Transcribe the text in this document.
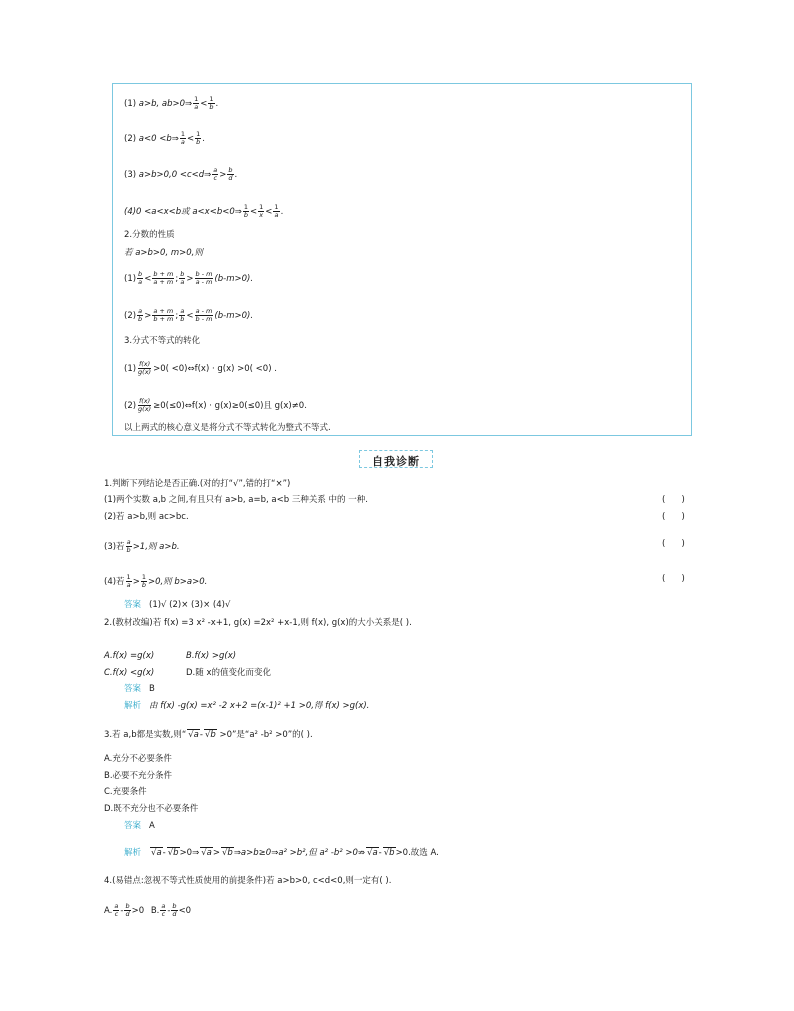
(1) a>b, ab>0⇒ $\frac{1}{a} < \frac{1}{b}$ .
(2) a<0 <b⇒ $\frac{1}{a} < \frac{1}{b}$ .
(3) a>b>0,0 <c<d⇒ $\frac{a}{c} > \frac{b}{d}$ .
(4)0 <a<x<b或 a<x<b<0⇒ $\frac{1}{b} < \frac{1}{x} < \frac{1}{a}$ .
2.分数的性质
若 a>b>0, m>0,则
$(1) \frac{b}{a} < \frac{b + m}{a + m}$ ; $\frac{b}{a} > \frac{b - m}{a - m} (b-m>0)$.
$(2) \frac{a}{b} > \frac{a + m}{b + m}$ ; $\frac{a}{b} < \frac{a - m}{b - m} (b-m>0)$.
3.分式不等式的转化
$(1) \frac{f(x)}{g(x)} >0$( <0)⇔f(x) · g(x) >0( <0) .
$(2) \frac{f(x)}{g(x)}$ ≥0(≤0)⇔f(x) · g(x)≥0(≤0)且 g(x)≠0.
以上两式的核心意义是将分式不等式转化为整式不等式.
自我诊断
1.判断下列结论是否正确.(对的打“√”,错的打“×”)
(1)两个实数 a,b 之间,有且只有 a>b, a=b, a<b 三种关系 中的 一种.	(      )
(2)若 a>b,则 ac>bc.	(      )
(3)若 $\frac{a}{b} >1$,则 a>b.	(      )
(4)若 $\frac{1}{a} > \frac{1}{b} >0$,则 b>a>0.	(      )
答案 (1)√ (2)× (3)× (4)√
2.(教材改编)若 f(x) =3 x² -x+1, g(x) =2x² +x-1,则 f(x), g(x)的大小关系是( ).
A.f(x) =g(x)	B.f(x) >g(x)
C.f(x) <g(x)	D.随 x的值变化而变化
答案 B
解析 由 f(x) -g(x) =x² -2 x+2 =(x-1)² +1 >0,得 f(x) >g(x).
3.若 a,b都是实数,则“ √ a- √ b >0”是“a² -b² >0”的( ).
A.充分不必要条件
B.必要不充分条件
C.充要条件
D.既不充分也不必要条件
答案 A
解析 √ a- √ b>0⇒ √ a> √ b⇒a>b≥0⇒a² >b²,但 a² -b² >0⇏ √ a- √ b>0.故选 A.
4.(易错点:忽视不等式性质使用的前提条件)若 a>b>0, c<d<0,则一定有( ).
A. $\frac{a}{c} - \frac{b}{d} >0$ B. $\frac{a}{c} - \frac{b}{d} <0$
